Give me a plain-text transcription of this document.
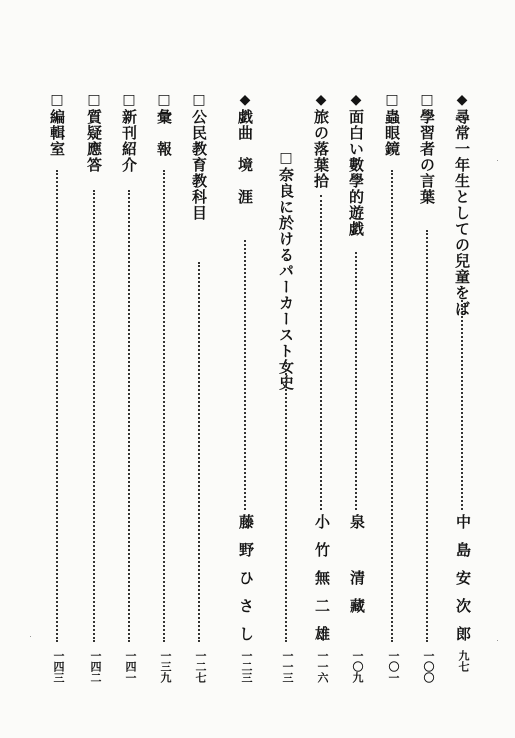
◆尋常一年生としての兒童をば
中島安次郎
九七
□學習者の言葉
一〇〇
□蟲眼鏡
一〇一
◆面白い數學的遊戯
泉　清藏
一〇九
◆旅の落葉拾
小竹無二雄
一一六
□奈良に於けるパーカースト女史
一一三
◆戯曲　境　涯
藤野ひさし
一二三
□公民教育教科目
一二七
□彙　報
一三九
□新刊紹介
一四一
□質疑應答
一四二
□編輯室
一四三
